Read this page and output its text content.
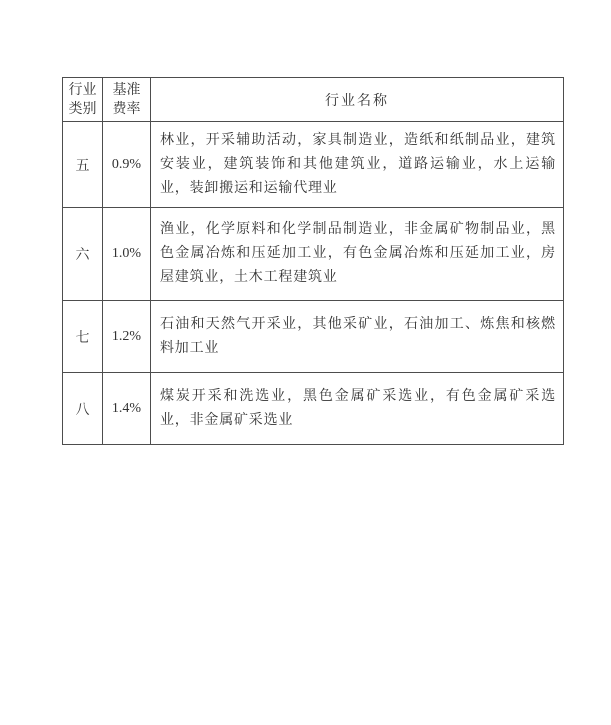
行业类别	基准费率	行业名称
五	0.9%	林业，开采辅助活动，家具制造业，造纸和纸制品业，建筑安装业，建筑装饰和其他建筑业，道路运输业，水上运输业，装卸搬运和运输代理业
六	1.0%	渔业，化学原料和化学制品制造业，非金属矿物制品业，黑色金属冶炼和压延加工业，有色金属冶炼和压延加工业，房屋建筑业，土木工程建筑业
七	1.2%	石油和天然气开采业，其他采矿业，石油加工、炼焦和核燃料加工业
八	1.4%	煤炭开采和洗选业，黑色金属矿采选业，有色金属矿采选业，非金属矿采选业
